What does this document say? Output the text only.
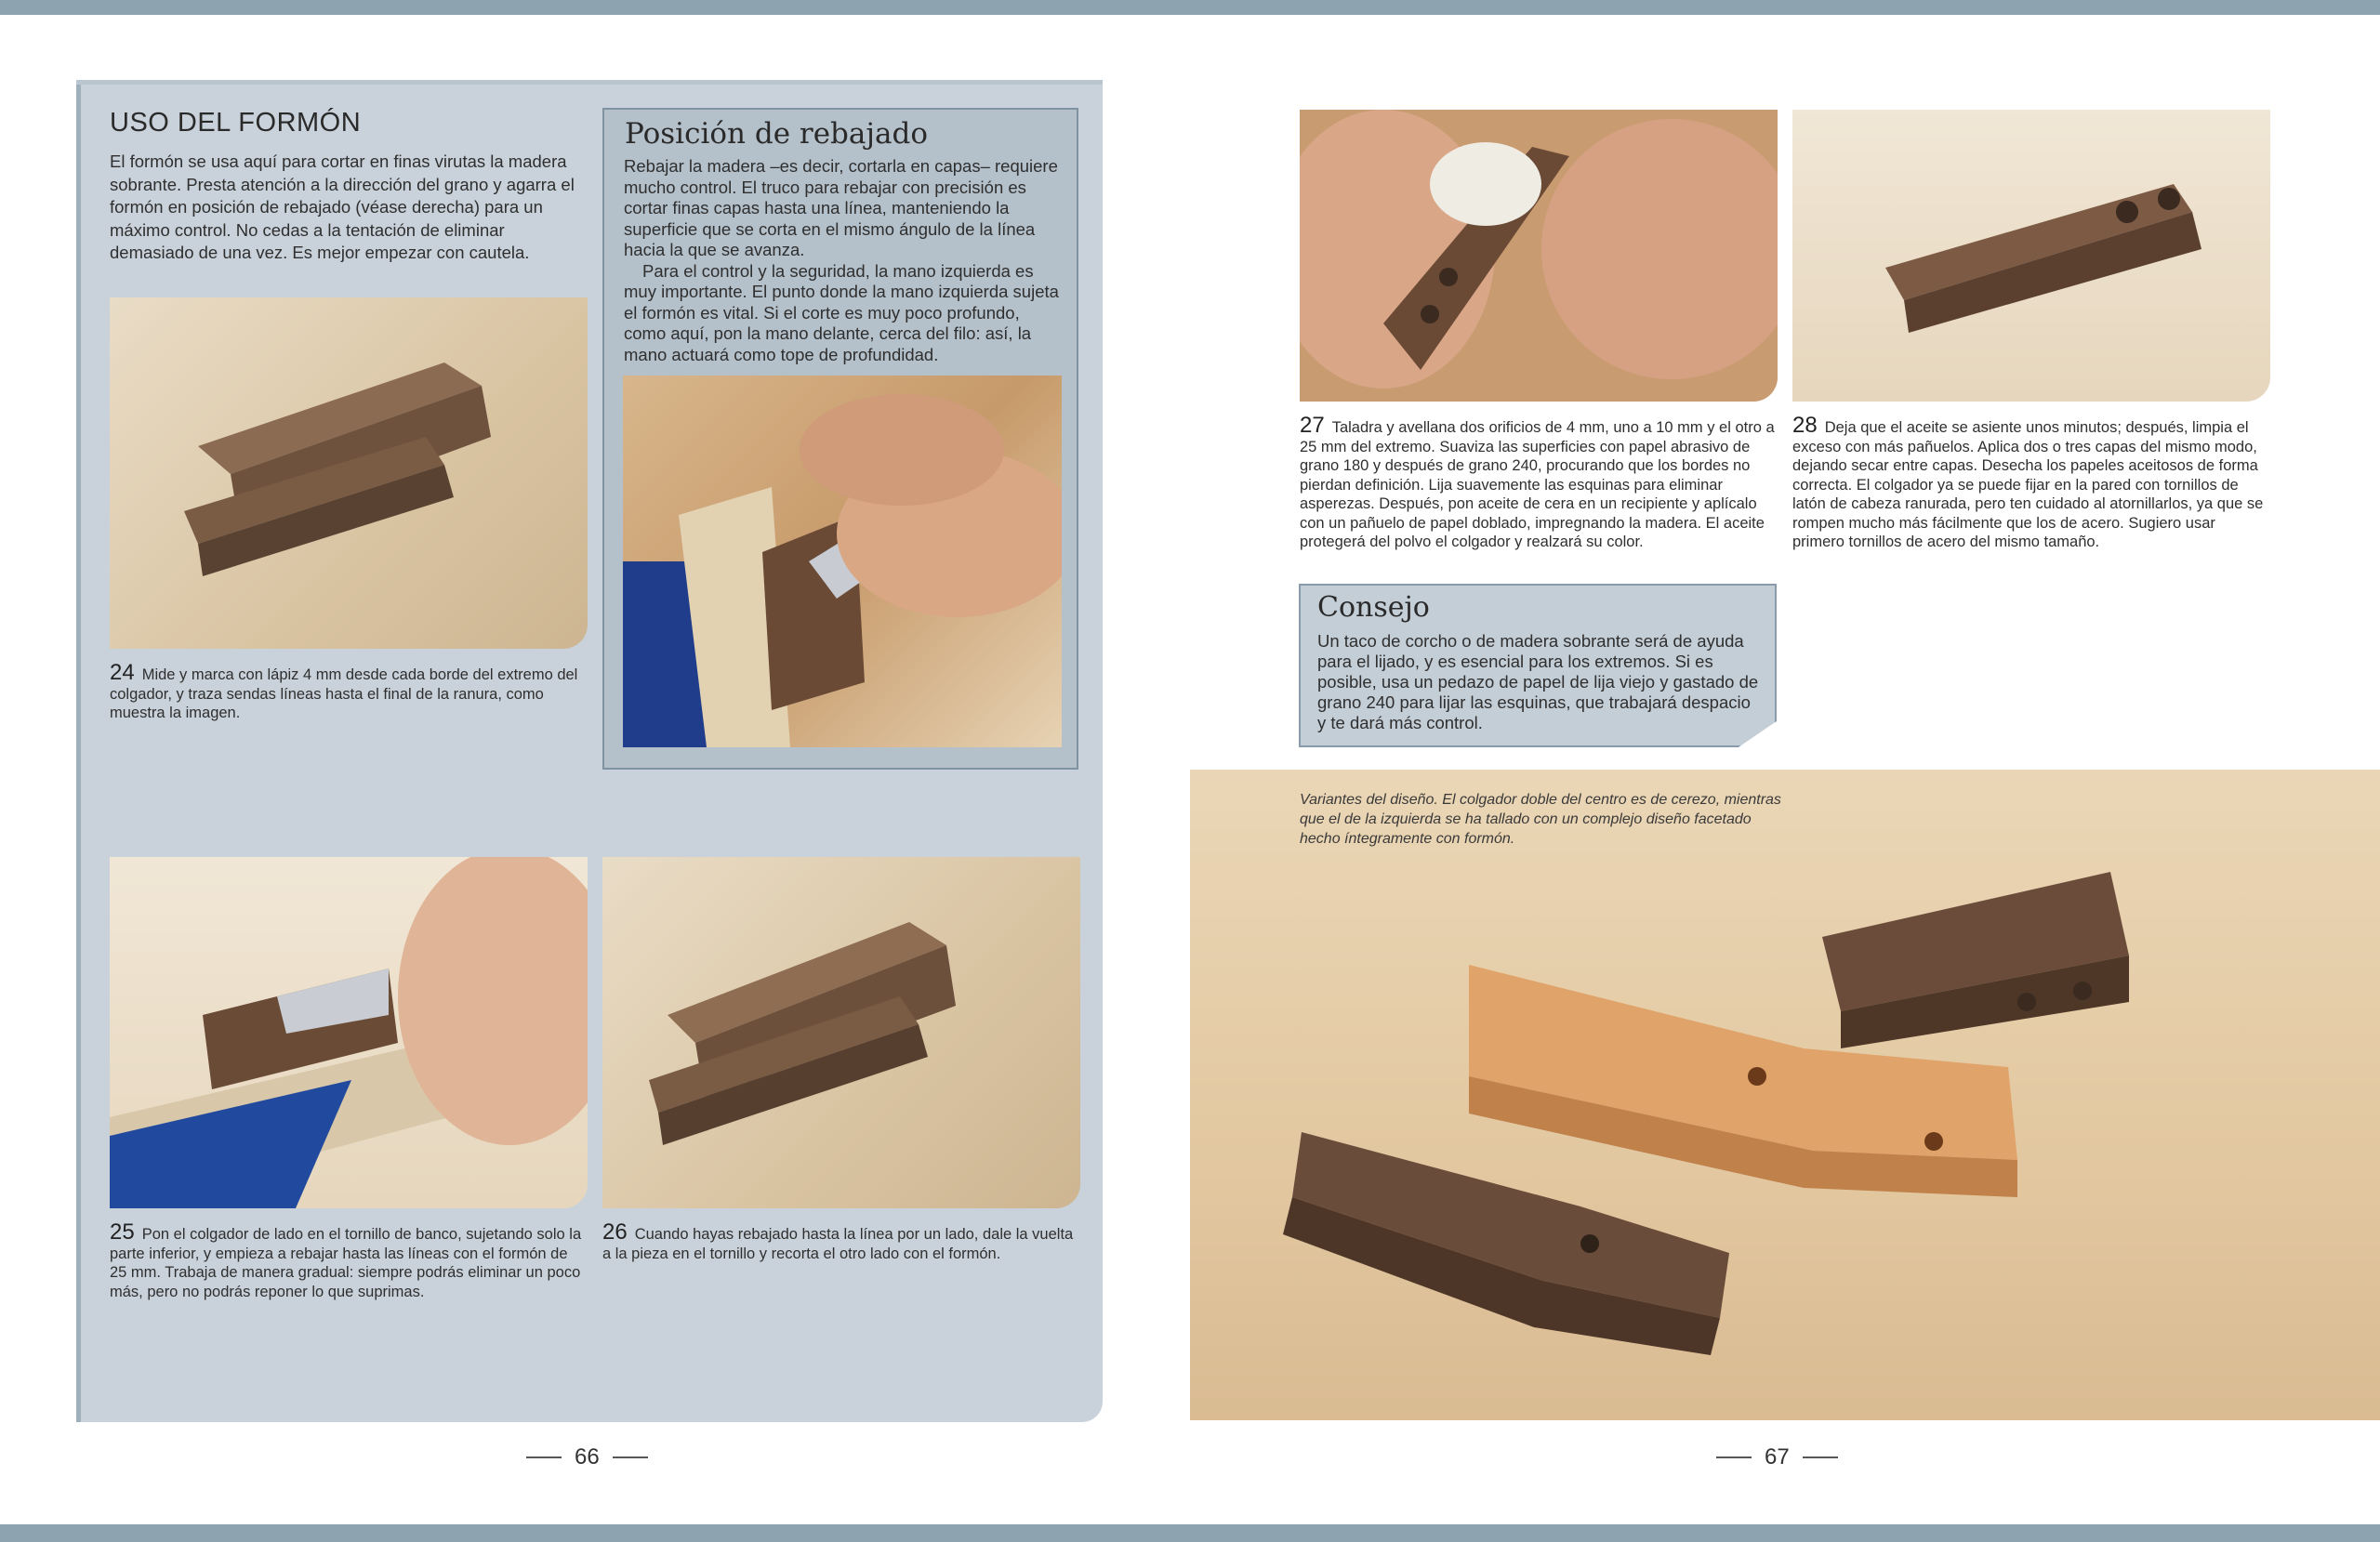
USO DEL FORMÓN
El formón se usa aquí para cortar en finas virutas la madera sobrante. Presta atención a la dirección del grano y agarra el formón en posición de rebajado (véase derecha) para un máximo control. No cedas a la tentación de eliminar demasiado de una vez. Es mejor empezar con cautela.
Posición de rebajado

Rebajar la madera –es decir, cortarla en capas– requiere mucho control. El truco para rebajar con precisión es cortar finas capas hasta una línea, manteniendo la superficie que se corta en el mismo ángulo de la línea hacia la que se avanza.

Para el control y la seguridad, la mano izquierda es muy importante. El punto donde la mano izquierda sujeta el formón es vital. Si el corte es muy poco profundo, como aquí, pon la mano delante, cerca del filo: así, la mano actuará como tope de profundidad.

24 Mide y marca con lápiz 4 mm desde cada borde del extremo del colgador, y traza sendas líneas hasta el final de la ranura, como muestra la imagen.
25 Pon el colgador de lado en el tornillo de banco, sujetando solo la parte inferior, y empieza a rebajar hasta las líneas con el formón de 25 mm. Trabaja de manera gradual: siempre podrás eliminar un poco más, pero no podrás reponer lo que suprimas.
26 Cuando hayas rebajado hasta la línea por un lado, dale la vuelta a la pieza en el tornillo y recorta el otro lado con el formón.
66
27 Taladra y avellana dos orificios de 4 mm, uno a 10 mm y el otro a 25 mm del extremo. Suaviza las superficies con papel abrasivo de grano 180 y después de grano 240, procurando que los bordes no pierdan definición. Lija suavemente las esquinas para eliminar asperezas. Después, pon aceite de cera en un recipiente y aplícalo con un pañuelo de papel doblado, impregnando la madera. El aceite protegerá del polvo el colgador y realzará su color.
28 Deja que el aceite se asiente unos minutos; después, limpia el exceso con más pañuelos. Aplica dos o tres capas del mismo modo, dejando secar entre capas. Desecha los papeles aceitosos de forma correcta. El colgador ya se puede fijar en la pared con tornillos de latón de cabeza ranurada, pero ten cuidado al atornillarlos, ya que se rompen mucho más fácilmente que los de acero. Sugiero usar primero tornillos de acero del mismo tamaño.
Consejo
Un taco de corcho o de madera sobrante será de ayuda para el lijado, y es esencial para los extremos. Si es posible, usa un pedazo de papel de lija viejo y gastado de grano 240 para lijar las esquinas, que trabajará despacio y te dará más control.
Variantes del diseño. El colgador doble del centro es de cerezo, mientras que el de la izquierda se ha tallado con un complejo diseño facetado hecho íntegramente con formón.
67
